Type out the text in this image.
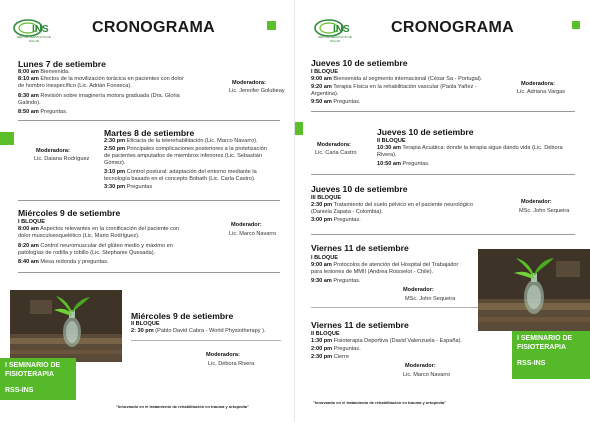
INS
RED DE SERVICIOS DE SALUD
CRONOGRAMA
Lunes 7 de setiembre
8:00 am Bienvenida.
8:10 am Efectos de la movilización torácica en pacientes con dolor
de hombro inespecífico (Lic. Adrián Fonseca).
8:30 am Revisión sobre imaginería motora graduada (Dra. Gloria
Galindo).
8:50 am Preguntas.
Moderadora:
Lic. Jennifer Golubeay
Martes 8 de setiembre
2:30 pm Eficacia de la telerehabilitación (Lic. Marco Navarro).
2:50 pm Principales complicaciones posteriores a la protetización
de pacientes amputados de miembros inferiores (Lic. Sebastián
Gómez).
3:10 pm Control postural: adaptación del entorno mediante la
tecnología basado en el concepto Bobath (Lic. Carla Castro).
3:30 pm Preguntas
Moderadora:
Lic. Daiana Rodríguez
Miércoles 9 de setiembre
I BLOQUE
8:00 am Aspectos relevantes en la cronificación del paciente con
dolor musculoesquelético (Lic. Mario Rodríguez).
8:20 am Control neuromuscular del glúteo medio y máximo en
patologías de rodilla y tobillo (Lic. Stephanie Quesada).
8:40 am Mesa redonda y preguntas.
Moderador:
Lic. Marco Navarro
I SEMINARIO DE
FISIOTERAPIA
RSS-INS
Miércoles 9 de setiembre
II BLOQUE
2: 30 pm (Pablo David Cabra - World Physiotherapy ).
Moderadora:
Lic. Débora Rivera
"Innovando en el tratamiento de rehabilitación en trauma y ortopedia"
INS
RED DE SERVICIOS DE SALUD
CRONOGRAMA
Jueves 10 de setiembre
I BLOQUE
9:00 am Bienvenida al segmento internacional (César Sa - Portugal).
9:20 am Terapia Física en la rehabilitación vascular (Paola Yañez -
Argentina).
9:50 am Preguntas.
Moderadora:
Lic. Adriana Vargas
Jueves 10 de setiembre
II BLOQUE
10:30 am Terapia Acuática: donde la terapia sigue dando vida (Lic. Débora
Rivera).
10:50 am Preguntas.
Moderadora:
Lic. Carla Castro
Jueves 10 de setiembre
III BLOQUE
2:30 pm Tratamiento del suelo pélvico en el paciente neurológico
(Daniela Zapata - Colombia).
3:00 pm Preguntas.
Moderador:
MSc. John Sequeira
Viernes 11 de setiembre
I BLOQUE
9:00 am Protocolos de atención del Hospital del Trabajador
para lesiones de MMII (Andrea Roisselot - Chile).
9:30 am Preguntas.
Moderador:
MSc. John Sequeira
I SEMINARIO DE
FISIOTERAPIA
RSS-INS
Viernes 11 de setiembre
II BLOQUE
1:30 pm Fisioterapia Deportiva (David Valenzuela - España).
2:00 pm Preguntas.
2:30 pm Cierre
Moderador:
Lic. Marco Navarro
"Innovando en el tratamiento de rehabilitación en trauma y ortopedia"
